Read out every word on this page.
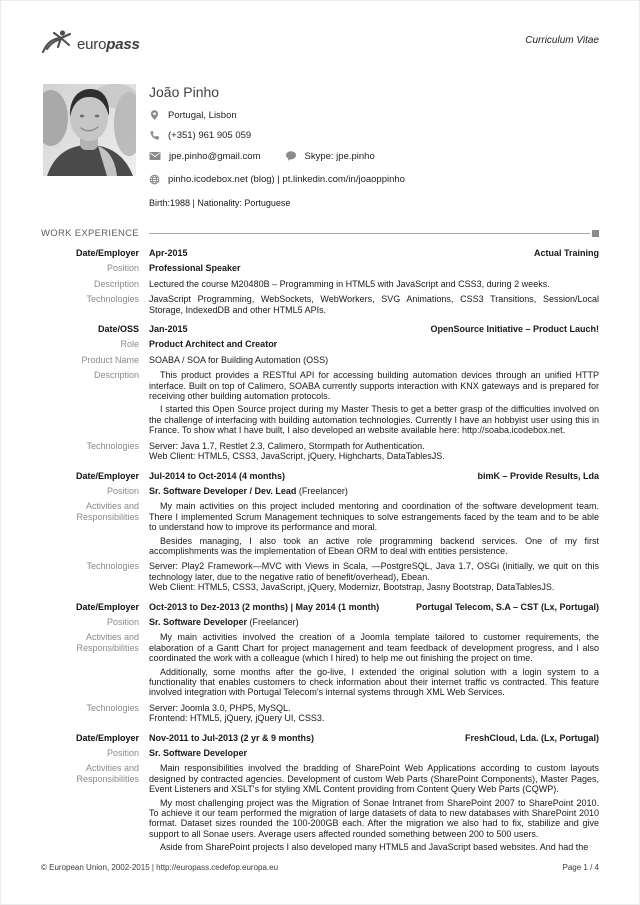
europass	Curriculum Vitae
João Pinho
Portugal, Lisbon
(+351) 961 905 059
jpe.pinho@gmail.com	Skype: jpe.pinho
pinho.icodebox.net (blog) | pt.linkedin.com/in/joaoppinho
Birth:1988 | Nationality: Portuguese
WORK EXPERIENCE
Date/Employer Apr-2015	Actual Training
Position Professional Speaker
Description Lectured the course M20480B – Programming in HTML5 with JavaScript and CSS3, during 2 weeks.
Technologies JavaScript Programming, WebSockets, WebWorkers, SVG Animations, CSS3 Transitions, Session/Local Storage, IndexedDB and other HTML5 APIs.
Date/OSS Jan-2015	OpenSource Initiative – Product Lauch!
Role Product Architect and Creator
Product Name SOABA / SOA for Building Automation (OSS)
Description	This product provides a RESTful API for accessing building automation devices through an unified HTTP interface. Built on top of Calimero, SOABA currently supports interaction with KNX gateways and is prepared for receiving other building automation protocols.
I started this Open Source project during my Master Thesis to get a better grasp of the difficulties involved on the challenge of interfacing with building automation technologies. Currently I have an hobbyist user using this in France. To show what I have built, I also developed an website available here: http://soaba.icodebox.net.
Technologies Server: Java 1.7, Restlet 2.3, Calimero, Stormpath for Authentication.
Web Client: HTML5, CSS3, JavaScript, jQuery, Highcharts, DataTablesJS.
Date/Employer Jul-2014 to Oct-2014 (4 months)	bimK – Provide Results, Lda
Position Sr. Software Developer / Dev. Lead (Freelancer)
Activities and Responsibilities
My main activities on this project included mentoring and coordination of the software development team. There I implemented Scrum Management techniques to solve estrangements faced by the team and to be able to understand how to improve its performance and moral.
Besides managing, I also took an active role programming backend services. One of my first accomplishments was the implementation of Ebean ORM to deal with entities persistence.
Technologies Server: Play2 Framework—MVC with Views in Scala, —PostgreSQL, Java 1.7, OSGi (initially, we quit on this technology later, due to the negative ratio of benefit/overhead), Ebean.
Web Client: HTML5, CSS3, JavaScript, jQuery, Modernizr, Bootstrap, Jasny Bootstrap, DataTablesJS.
Date/Employer Oct-2013 to Dez-2013 (2 months) | May 2014 (1 month)	Portugal Telecom, S.A – CST (Lx, Portugal)
Position Sr. Software Developer (Freelancer)
Activities and Responsibilities
My main activities involved the creation of a Joomla template tailored to customer requirements, the elaboration of a Gantt Chart for project management and team feedback of development progress, and I also coordinated the work with a colleague (which I hired) to help me out finishing the project on time.
Additionally, some months after the go-live, I extended the original solution with a login system to a functionality that enables customers to check information about their internet traffic vs contracted. This feature involved integration with Portugal Telecom's internal systems through XML Web Services.
Technologies Server: Joomla 3.0, PHP5, MySQL.
Frontend: HTML5, jQuery, jQuery UI, CSS3.
Date/Employer Nov-2011 to Jul-2013 (2 yr & 9 months)	FreshCloud, Lda. (Lx, Portugal)
Position Sr. Software Developer
Activities and Responsibilities
Main responsibilities involved the bradding of SharePoint Web Applications according to custom layouts designed by contracted agencies. Development of custom Web Parts (SharePoint Components), Master Pages, Event Listeners and XSLT's for styling XML Content providing from Content Query Web Parts (CQWP).
My most challenging project was the Migration of Sonae Intranet from SharePoint 2007 to SharePoint 2010. To achieve it our team performed the migration of large datasets of data to new databases with SharePoint 2010 format. Dataset sizes rounded the 100-200GB each. After the migration we also had to fix, stabilize and give support to all Sonae users. Average users affected rounded something between 200 to 500 users.
Aside from SharePoint projects I also developed many HTML5 and JavaScript based websites. And had the
© European Union, 2002-2015 | http://europass.cedefop.europa.eu	Page 1 / 4
